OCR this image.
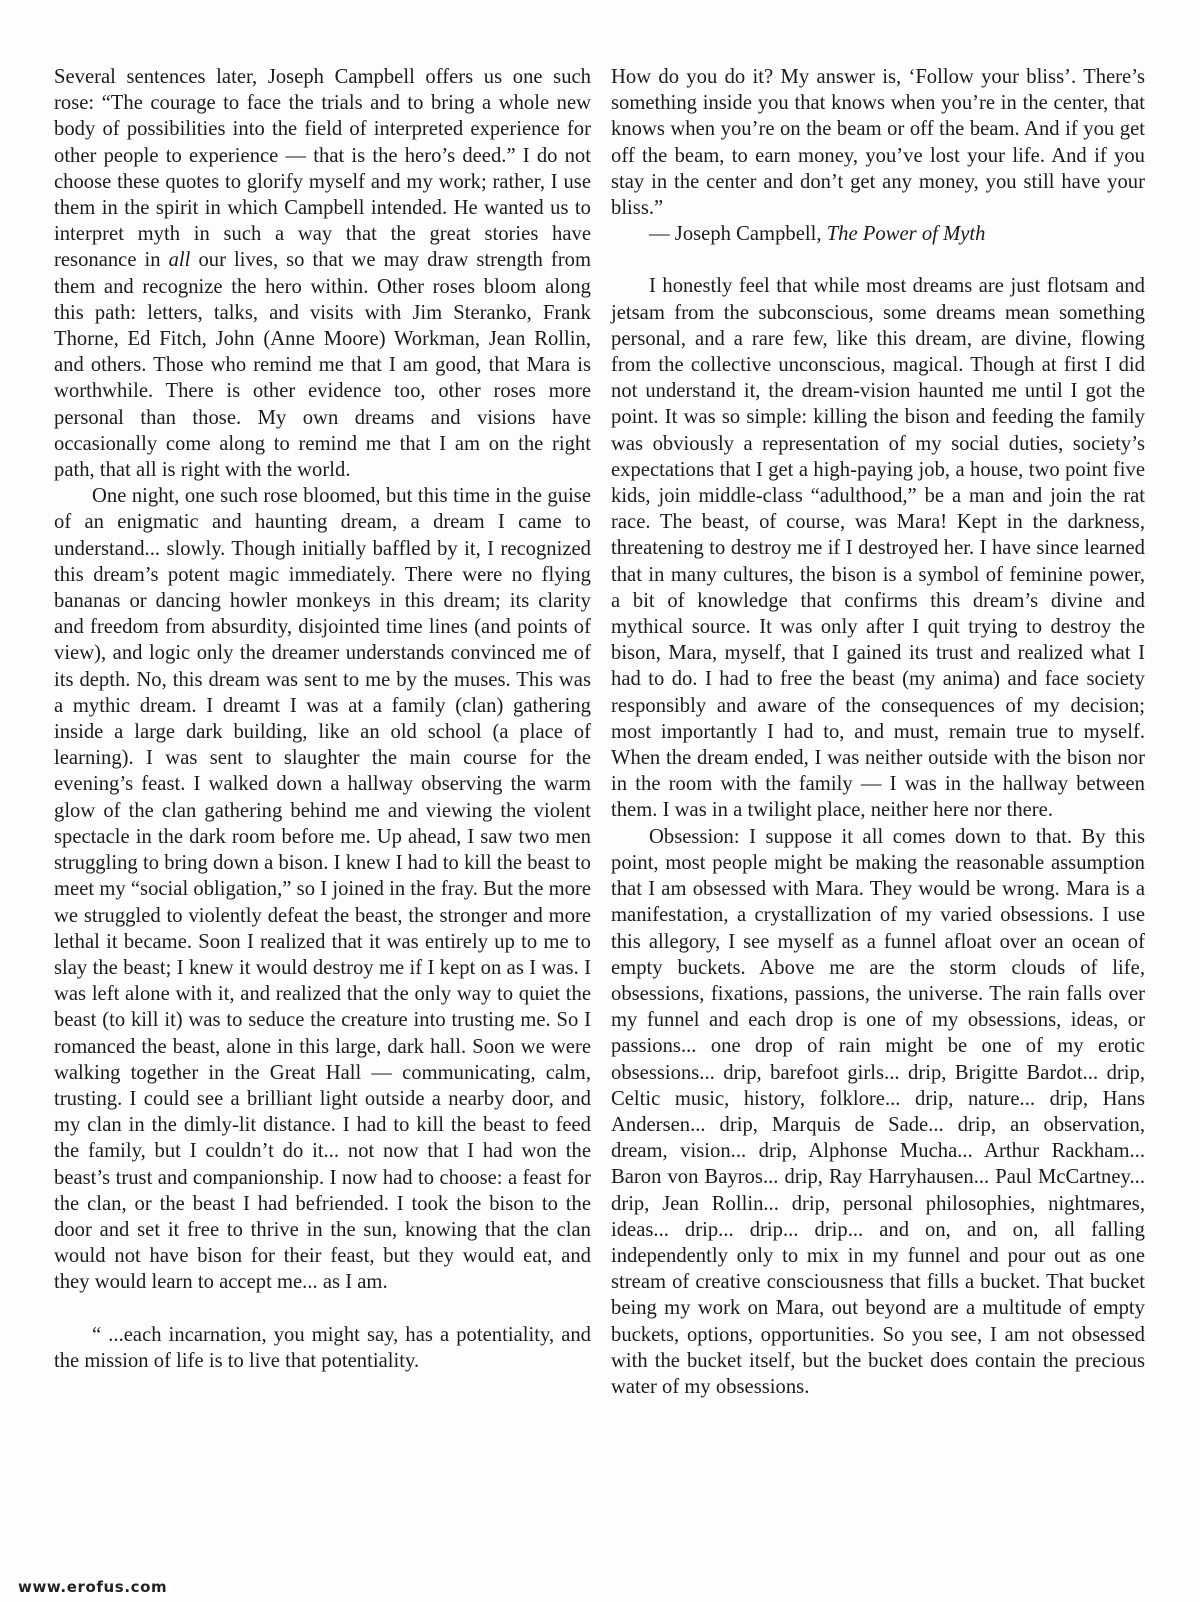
Several sentences later, Joseph Campbell offers us one such rose: “The courage to face the trials and to bring a whole new body of possibilities into the field of interpreted experience for other people to experience — that is the hero’s deed.” I do not choose these quotes to glorify myself and my work; rather, I use them in the spirit in which Campbell intended. He wanted us to interpret myth in such a way that the great stories have resonance in all our lives, so that we may draw strength from them and recognize the hero within. Other roses bloom along this path: letters, talks, and visits with Jim Steranko, Frank Thorne, Ed Fitch, John (Anne Moore) Workman, Jean Rollin, and others. Those who remind me that I am good, that Mara is worthwhile. There is other evidence too, other roses more personal than those. My own dreams and visions have occasionally come along to remind me that I am on the right path, that all is right with the world.

One night, one such rose bloomed, but this time in the guise of an enigmatic and haunting dream, a dream I came to understand... slowly. Though initially baffled by it, I recognized this dream’s potent magic immediately. There were no flying bananas or dancing howler monkeys in this dream; its clarity and freedom from absurdity, disjointed time lines (and points of view), and logic only the dreamer understands convinced me of its depth. No, this dream was sent to me by the muses. This was a mythic dream. I dreamt I was at a family (clan) gathering inside a large dark building, like an old school (a place of learning). I was sent to slaughter the main course for the evening’s feast. I walked down a hallway observing the warm glow of the clan gathering behind me and viewing the violent spectacle in the dark room before me. Up ahead, I saw two men struggling to bring down a bison. I knew I had to kill the beast to meet my “social obligation,” so I joined in the fray. But the more we struggled to violently defeat the beast, the stronger and more lethal it became. Soon I realized that it was entirely up to me to slay the beast; I knew it would destroy me if I kept on as I was. I was left alone with it, and realized that the only way to quiet the beast (to kill it) was to seduce the creature into trusting me. So I romanced the beast, alone in this large, dark hall. Soon we were walking together in the Great Hall — communicating, calm, trusting. I could see a brilliant light outside a nearby door, and my clan in the dimly-lit distance. I had to kill the beast to feed the family, but I couldn’t do it... not now that I had won the beast’s trust and companionship. I now had to choose: a feast for the clan, or the beast I had befriended. I took the bison to the door and set it free to thrive in the sun, knowing that the clan would not have bison for their feast, but they would eat, and they would learn to accept me... as I am.

“ ...each incarnation, you might say, has a potentiality, and the mission of life is to live that potentiality.

How do you do it? My answer is, ‘Follow your bliss’. There’s something inside you that knows when you’re in the center, that knows when you’re on the beam or off the beam. And if you get off the beam, to earn money, you’ve lost your life. And if you stay in the center and don’t get any money, you still have your bliss.”

— Joseph Campbell, The Power of Myth

I honestly feel that while most dreams are just flotsam and jetsam from the subconscious, some dreams mean something personal, and a rare few, like this dream, are divine, flowing from the collective unconscious, magical. Though at first I did not understand it, the dream-vision haunted me until I got the point. It was so simple: killing the bison and feeding the family was obviously a representation of my social duties, society’s expectations that I get a high-paying job, a house, two point five kids, join middle-class “adulthood,” be a man and join the rat race. The beast, of course, was Mara! Kept in the darkness, threatening to destroy me if I destroyed her. I have since learned that in many cultures, the bison is a symbol of feminine power, a bit of knowledge that confirms this dream’s divine and mythical source. It was only after I quit trying to destroy the bison, Mara, myself, that I gained its trust and realized what I had to do. I had to free the beast (my anima) and face society responsibly and aware of the consequences of my decision; most importantly I had to, and must, remain true to myself. When the dream ended, I was neither outside with the bison nor in the room with the family — I was in the hallway between them. I was in a twilight place, neither here nor there.

Obsession: I suppose it all comes down to that. By this point, most people might be making the reasonable assumption that I am obsessed with Mara. They would be wrong. Mara is a manifestation, a crystallization of my varied obsessions. I use this allegory, I see myself as a funnel afloat over an ocean of empty buckets. Above me are the storm clouds of life, obsessions, fixations, passions, the universe. The rain falls over my funnel and each drop is one of my obsessions, ideas, or passions... one drop of rain might be one of my erotic obsessions... drip, barefoot girls... drip, Brigitte Bardot... drip, Celtic music, history, folklore... drip, nature... drip, Hans Andersen... drip, Marquis de Sade... drip, an observation, dream, vision... drip, Alphonse Mucha... Arthur Rackham... Baron von Bayros... drip, Ray Harryhausen... Paul McCartney... drip, Jean Rollin... drip, personal philosophies, nightmares, ideas... drip... drip... drip... and on, and on, all falling independently only to mix in my funnel and pour out as one stream of creative consciousness that fills a bucket. That bucket being my work on Mara, out beyond are a multitude of empty buckets, options, opportunities. So you see, I am not obsessed with the bucket itself, but the bucket does contain the precious water of my obsessions.

www.erofus.com
